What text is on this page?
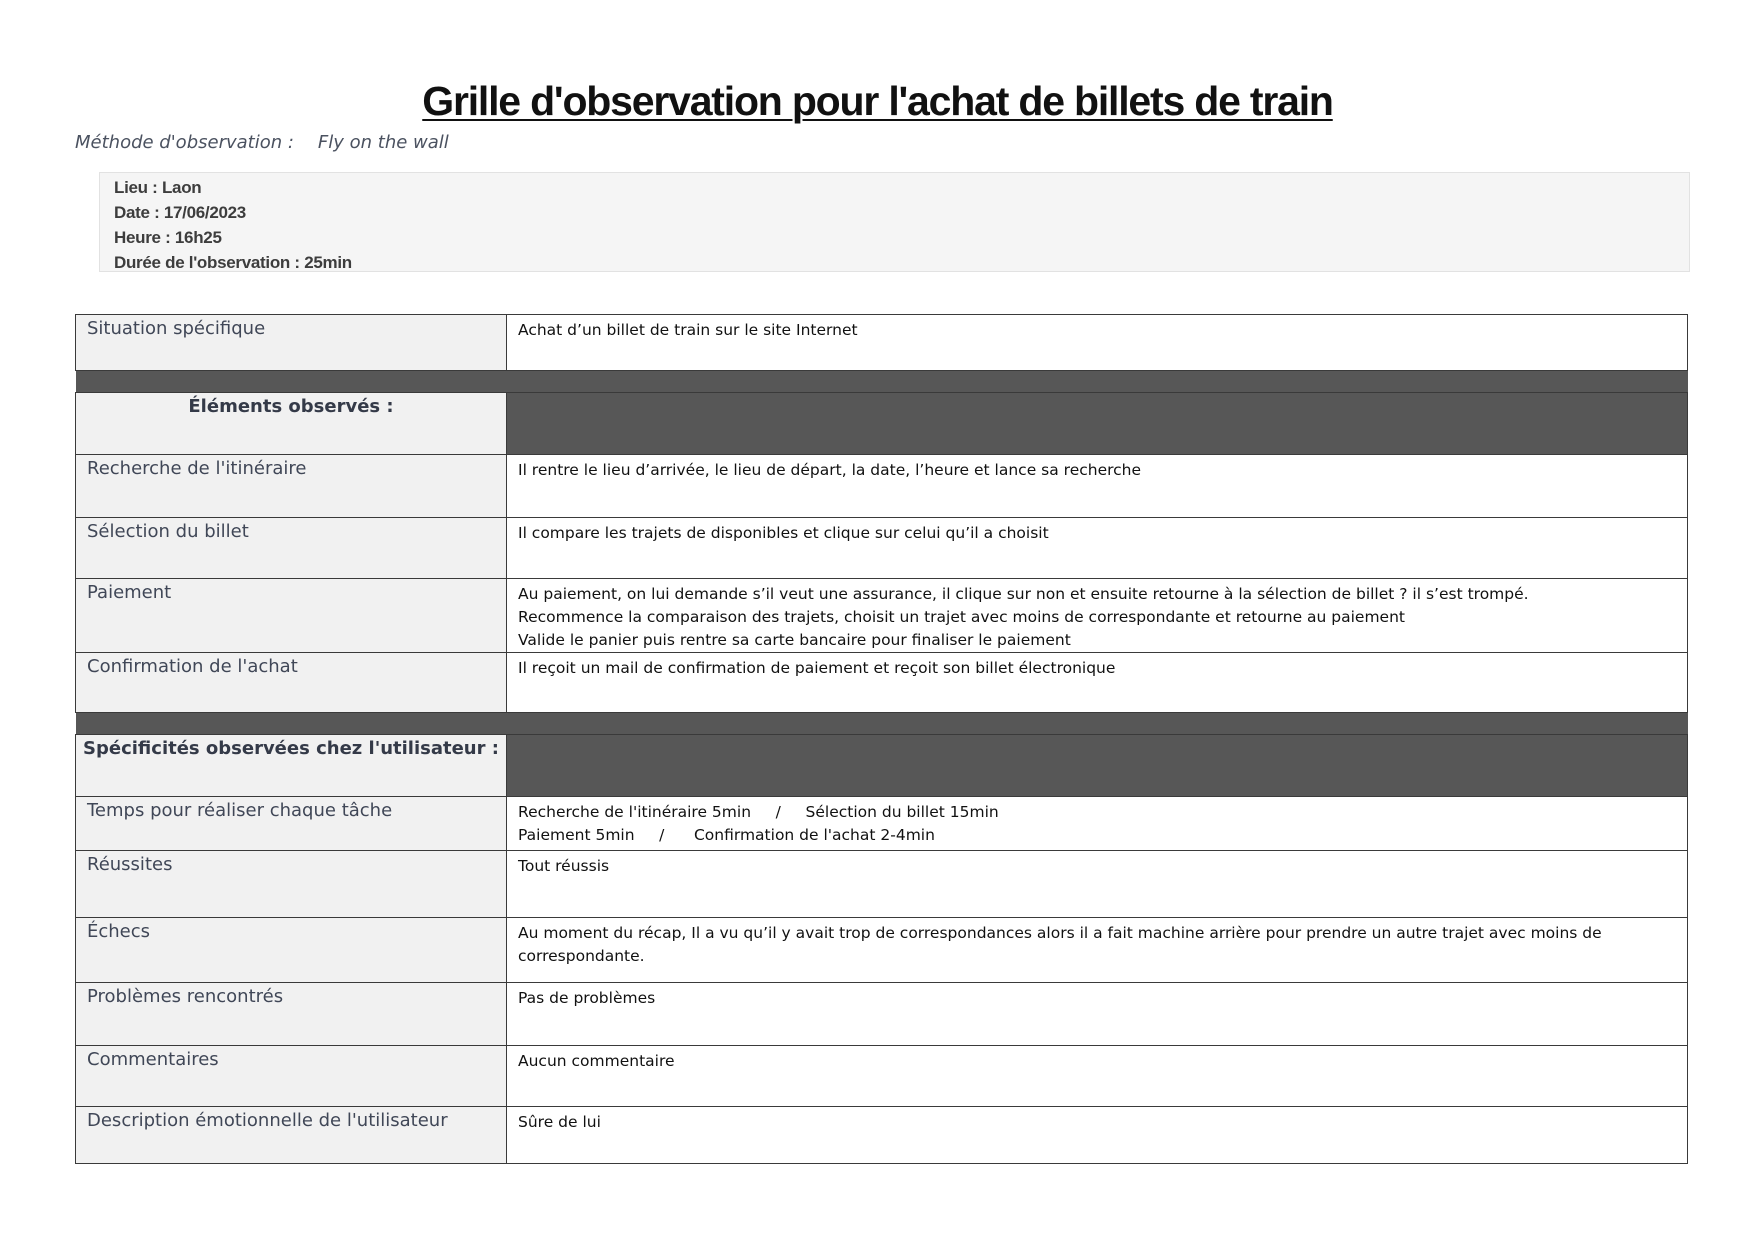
Grille d'observation pour l'achat de billets de train
Méthode d'observation : Fly on the wall
Lieu : Laon
Date : 17/06/2023
Heure : 16h25
Durée de l'observation : 25min
Situation spécifique	Achat d’un billet de train sur le site Internet

Éléments observés :	
Recherche de l'itinéraire	Il rentre le lieu d’arrivée, le lieu de départ, la date, l’heure et lance sa recherche

Sélection du billet	Il compare les trajets de disponibles et clique sur celui qu’il a choisit

Paiement	Au paiement, on lui demande s’il veut une assurance, il clique sur non et ensuite retourne à la sélection de billet ? il s’est trompé.
Recommence la comparaison des trajets, choisit un trajet avec moins de correspondante et retourne au paiement
Valide le panier puis rentre sa carte bancaire pour finaliser le paiement

Confirmation de l'achat	Il reçoit un mail de confirmation de paiement et reçoit son billet électronique

Spécificités observées chez l'utilisateur :	
Temps pour réaliser chaque tâche	Recherche de l'itinéraire 5min     /     Sélection du billet 15min
Paiement 5min     /      Confirmation de l'achat 2-4min

Réussites	Tout réussis

Échecs	Au moment du récap, Il a vu qu’il y avait trop de correspondances alors il a fait machine arrière pour prendre un autre trajet avec moins de correspondante.

Problèmes rencontrés	Pas de problèmes

Commentaires	Aucun commentaire

Description émotionnelle de l'utilisateur	Sûre de lui
